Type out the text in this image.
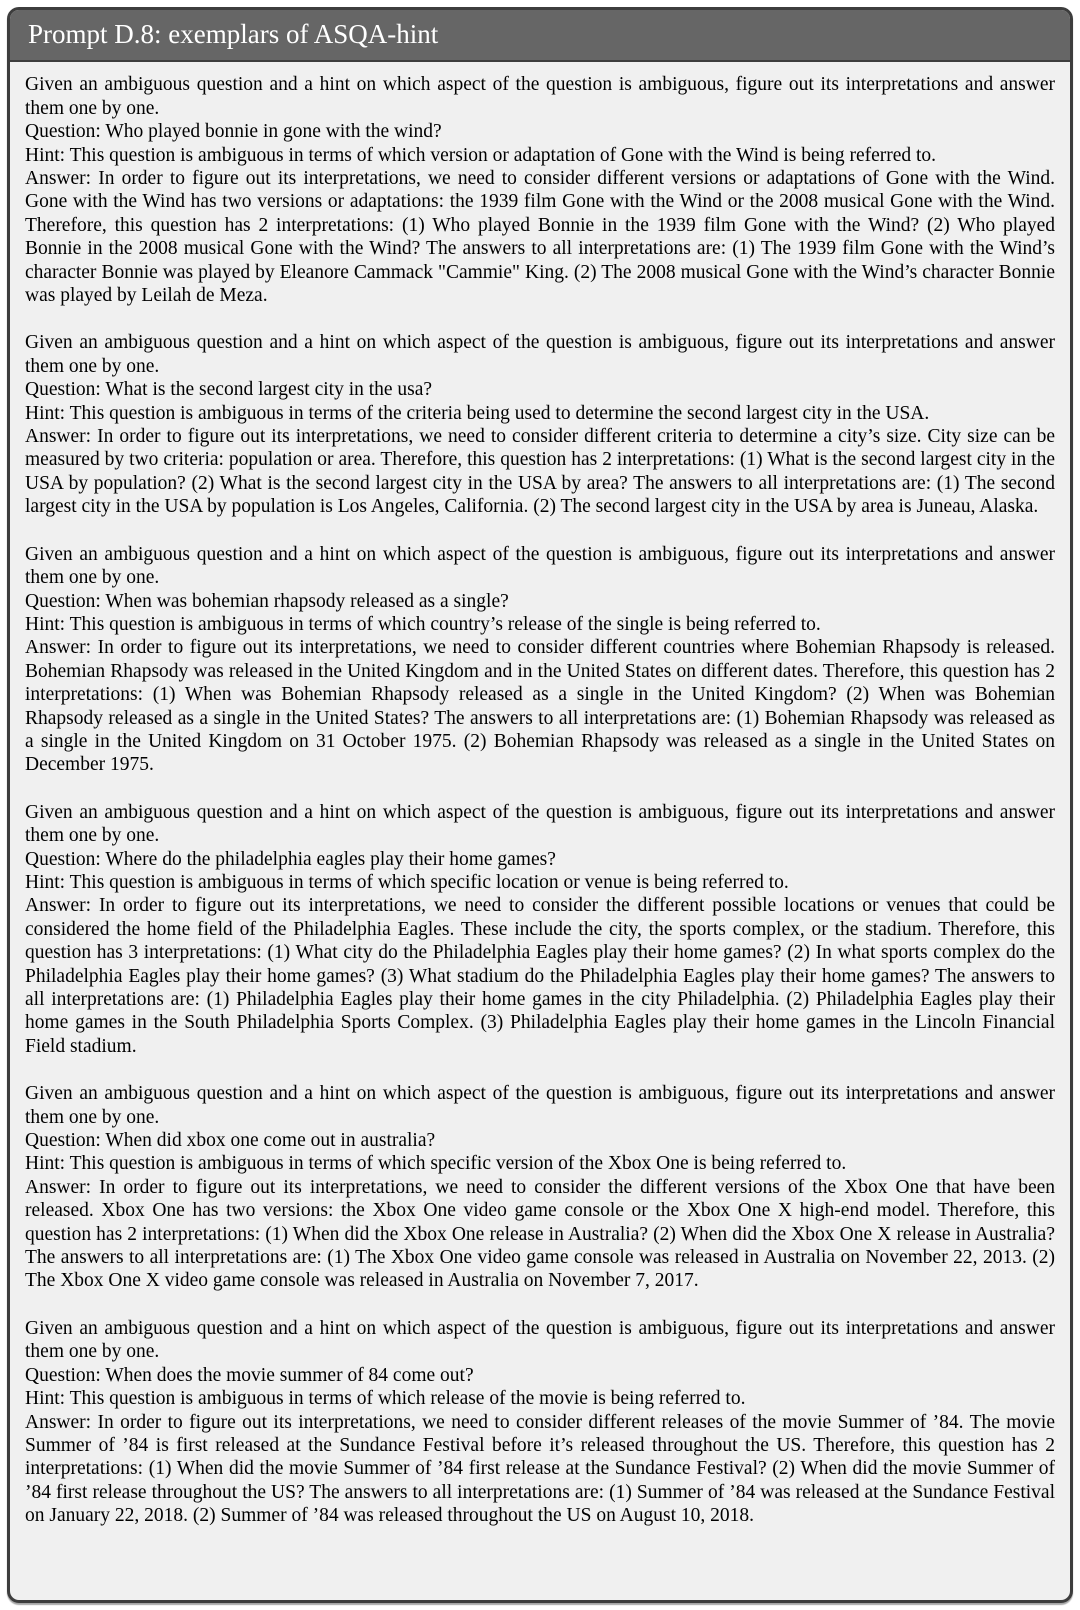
Prompt D.8: exemplars of ASQA-hint

Given an ambiguous question and a hint on which aspect of the question is ambiguous, figure out its interpretations and answer them one by one.

Question: Who played bonnie in gone with the wind?

Hint: This question is ambiguous in terms of which version or adaptation of Gone with the Wind is being referred to.

Answer: In order to figure out its interpretations, we need to consider different versions or adaptations of Gone with the Wind. Gone with the Wind has two versions or adaptations: the 1939 film Gone with the Wind or the 2008 musical Gone with the Wind. Therefore, this question has 2 interpretations: (1) Who played Bonnie in the 1939 film Gone with the Wind? (2) Who played Bonnie in the 2008 musical Gone with the Wind? The answers to all interpretations are: (1) The 1939 film Gone with the Wind’s character Bonnie was played by Eleanore Cammack "Cammie" King. (2) The 2008 musical Gone with the Wind’s character Bonnie was played by Leilah de Meza.

Given an ambiguous question and a hint on which aspect of the question is ambiguous, figure out its interpretations and answer them one by one.

Question: What is the second largest city in the usa?

Hint: This question is ambiguous in terms of the criteria being used to determine the second largest city in the USA.

Answer: In order to figure out its interpretations, we need to consider different criteria to determine a city’s size. City size can be measured by two criteria: population or area. Therefore, this question has 2 interpretations: (1) What is the second largest city in the USA by population? (2) What is the second largest city in the USA by area? The answers to all interpretations are: (1) The second largest city in the USA by population is Los Angeles, California. (2) The second largest city in the USA by area is Juneau, Alaska.

Given an ambiguous question and a hint on which aspect of the question is ambiguous, figure out its interpretations and answer them one by one.

Question: When was bohemian rhapsody released as a single?

Hint: This question is ambiguous in terms of which country’s release of the single is being referred to.

Answer: In order to figure out its interpretations, we need to consider different countries where Bohemian Rhapsody is released. Bohemian Rhapsody was released in the United Kingdom and in the United States on different dates. Therefore, this question has 2 interpretations: (1) When was Bohemian Rhapsody released as a single in the United Kingdom? (2) When was Bohemian Rhapsody released as a single in the United States? The answers to all interpretations are: (1) Bohemian Rhapsody was released as a single in the United Kingdom on 31 October 1975. (2) Bohemian Rhapsody was released as a single in the United States on December 1975.

Given an ambiguous question and a hint on which aspect of the question is ambiguous, figure out its interpretations and answer them one by one.

Question: Where do the philadelphia eagles play their home games?

Hint: This question is ambiguous in terms of which specific location or venue is being referred to.

Answer: In order to figure out its interpretations, we need to consider the different possible locations or venues that could be considered the home field of the Philadelphia Eagles. These include the city, the sports complex, or the stadium. Therefore, this question has 3 interpretations: (1) What city do the Philadelphia Eagles play their home games? (2) In what sports complex do the Philadelphia Eagles play their home games? (3) What stadium do the Philadelphia Eagles play their home games? The answers to all interpretations are: (1) Philadelphia Eagles play their home games in the city Philadelphia. (2) Philadelphia Eagles play their home games in the South Philadelphia Sports Complex. (3) Philadelphia Eagles play their home games in the Lincoln Financial Field stadium.

Given an ambiguous question and a hint on which aspect of the question is ambiguous, figure out its interpretations and answer them one by one.

Question: When did xbox one come out in australia?

Hint: This question is ambiguous in terms of which specific version of the Xbox One is being referred to.

Answer: In order to figure out its interpretations, we need to consider the different versions of the Xbox One that have been released. Xbox One has two versions: the Xbox One video game console or the Xbox One X high-end model. Therefore, this question has 2 interpretations: (1) When did the Xbox One release in Australia? (2) When did the Xbox One X release in Australia? The answers to all interpretations are: (1) The Xbox One video game console was released in Australia on November 22, 2013. (2) The Xbox One X video game console was released in Australia on November 7, 2017.

Given an ambiguous question and a hint on which aspect of the question is ambiguous, figure out its interpretations and answer them one by one.

Question: When does the movie summer of 84 come out?

Hint: This question is ambiguous in terms of which release of the movie is being referred to.

Answer: In order to figure out its interpretations, we need to consider different releases of the movie Summer of ’84. The movie Summer of ’84 is first released at the Sundance Festival before it’s released throughout the US. Therefore, this question has 2 interpretations: (1) When did the movie Summer of ’84 first release at the Sundance Festival? (2) When did the movie Summer of ’84 first release throughout the US? The answers to all interpretations are: (1) Summer of ’84 was released at the Sundance Festival on January 22, 2018. (2) Summer of ’84 was released throughout the US on August 10, 2018.
